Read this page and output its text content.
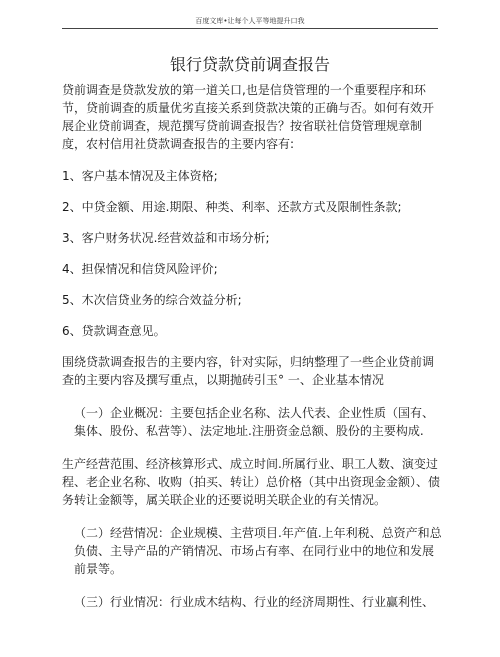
百度文库•让每个人平等地提升口我
银行贷款贷前调查报告

贷前调查是贷款发放的第一道关口,也是信贷管理的一个重要程序和环节，贷前调查的质量优劣直接关系到贷款决策的正确与否。如何有效开展企业贷前调查，规范撰写贷前调查报告？按省联社信贷管理规章制度，农村信用社贷款调查报告的主要内容有:

1、客户基本情况及主体资格;

2、中贷金额、用途.期限、种类、利率、还款方式及限制性条款;

3、客户财务状况.经营效益和市场分析;

4、担保情况和信贷风险评价;

5、木次信贷业务的综合效益分析;

6、贷款调查意见。

围绕贷款调查报告的主要内容，针对实际，归纳整理了一些企业贷前调查的主要内容及撰写重点，以期抛砖引玉° 一、企业基本情况

（一）企业概况：主要包括企业名称、法人代表、企业性质（国有、集体、股份、私营等）、法定地址.注册资金总额、股份的主要构成.

生产经营范围、经济核算形式、成立时间.所属行业、职工人数、演变过程、老企业名称、收购（拍买、转让）总价格（其中出资现金金额）、债务转让金额等，属关联企业的还要说明关联企业的有关情况。

（二）经营情况：企业规模、主营项目.年产值.上年利税、总资产和总负债、主导产品的产销情况、市场占有率、在同行业中的地位和发展前景等。

（三）行业情况：行业成木结构、行业的经济周期性、行业赢利性、
